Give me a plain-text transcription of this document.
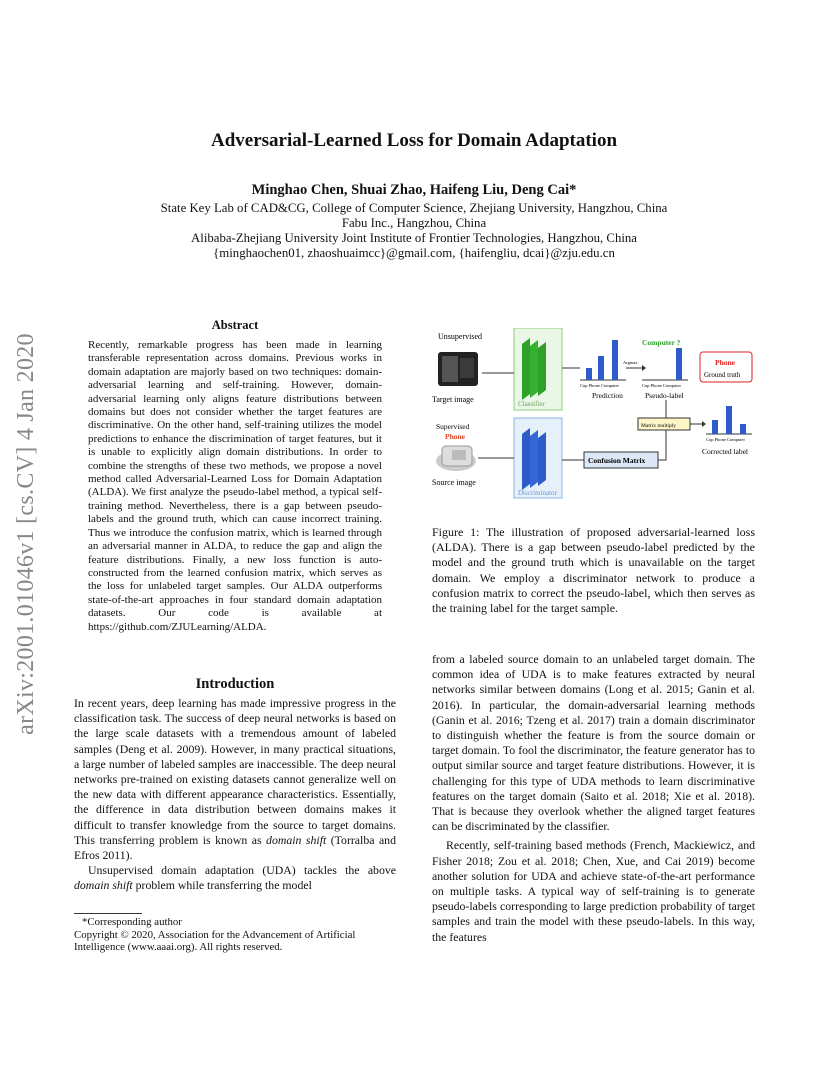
arXiv:2001.01046v1 [cs.CV] 4 Jan 2020
Adversarial-Learned Loss for Domain Adaptation
Minghao Chen, Shuai Zhao, Haifeng Liu, Deng Cai*
State Key Lab of CAD&CG, College of Computer Science, Zhejiang University, Hangzhou, China
Fabu Inc., Hangzhou, China
Alibaba-Zhejiang University Joint Institute of Frontier Technologies, Hangzhou, China
{minghaochen01, zhaoshuaimcc}@gmail.com, {haifengliu, dcai}@zju.edu.cn
Abstract
Recently, remarkable progress has been made in learning transferable representation across domains. Previous works in domain adaptation are majorly based on two techniques: domain-adversarial learning and self-training. However, domain-adversarial learning only aligns feature distributions between domains but does not consider whether the target features are discriminative. On the other hand, self-training utilizes the model predictions to enhance the discrimination of target features, but it is unable to explicitly align domain distributions. In order to combine the strengths of these two methods, we propose a novel method called Adversarial-Learned Loss for Domain Adaptation (ALDA). We first analyze the pseudo-label method, a typical self-training method. Nevertheless, there is a gap between pseudo-labels and the ground truth, which can cause incorrect training. Thus we introduce the confusion matrix, which is learned through an adversarial manner in ALDA, to reduce the gap and align the feature distributions. Finally, a new loss function is auto-constructed from the learned confusion matrix, which serves as the loss for unlabeled target samples. Our ALDA outperforms state-of-the-art approaches in four standard domain adaptation datasets. Our code is available at https://github.com/ZJULearning/ALDA.
Introduction

In recent years, deep learning has made impressive progress in the classification task. The success of deep neural networks is based on the large scale datasets with a tremendous amount of labeled samples (Deng et al. 2009). However, in many practical situations, a large number of labeled samples are inaccessible. The deep neural networks pre-trained on existing datasets cannot generalize well on the new data with different appearance characteristics. Essentially, the difference in data distribution between domains makes it difficult to transfer knowledge from the source to target domains. This transferring problem is known as domain shift (Torralba and Efros 2011).

Unsupervised domain adaptation (UDA) tackles the above domain shift problem while transferring the model

*Corresponding author
Copyright © 2020, Association for the Advancement of Artificial Intelligence (www.aaai.org). All rights reserved.
Unsupervised
Target image
Supervised
Phone
Source image
Classifier
Discriminator
Cup Phone Computer
Prediction
Argmax
Cup Phone Computer
Pseudo-label
Computer ?
Phone
Ground truth
Matrix multiply
Confusion Matrix
Cup Phone Computer
Corrected label
Figure 1: The illustration of proposed adversarial-learned loss (ALDA). There is a gap between pseudo-label predicted by the model and the ground truth which is unavailable on the target domain. We employ a discriminator network to produce a confusion matrix to correct the pseudo-label, which then serves as the training label for the target sample.

from a labeled source domain to an unlabeled target domain. The common idea of UDA is to make features extracted by neural networks similar between domains (Long et al. 2015; Ganin et al. 2016). In particular, the domain-adversarial learning methods (Ganin et al. 2016; Tzeng et al. 2017) train a domain discriminator to distinguish whether the feature is from the source domain or target domain. To fool the discriminator, the feature generator has to output similar source and target feature distributions. However, it is challenging for this type of UDA methods to learn discriminative features on the target domain (Saito et al. 2018; Xie et al. 2018). That is because they overlook whether the aligned target features can be discriminated by the classifier.

Recently, self-training based methods (French, Mackiewicz, and Fisher 2018; Zou et al. 2018; Chen, Xue, and Cai 2019) become another solution for UDA and achieve state-of-the-art performance on multiple tasks. A typical way of self-training is to generate pseudo-labels corresponding to large prediction probability of target samples and train the model with these pseudo-labels. In this way, the features
